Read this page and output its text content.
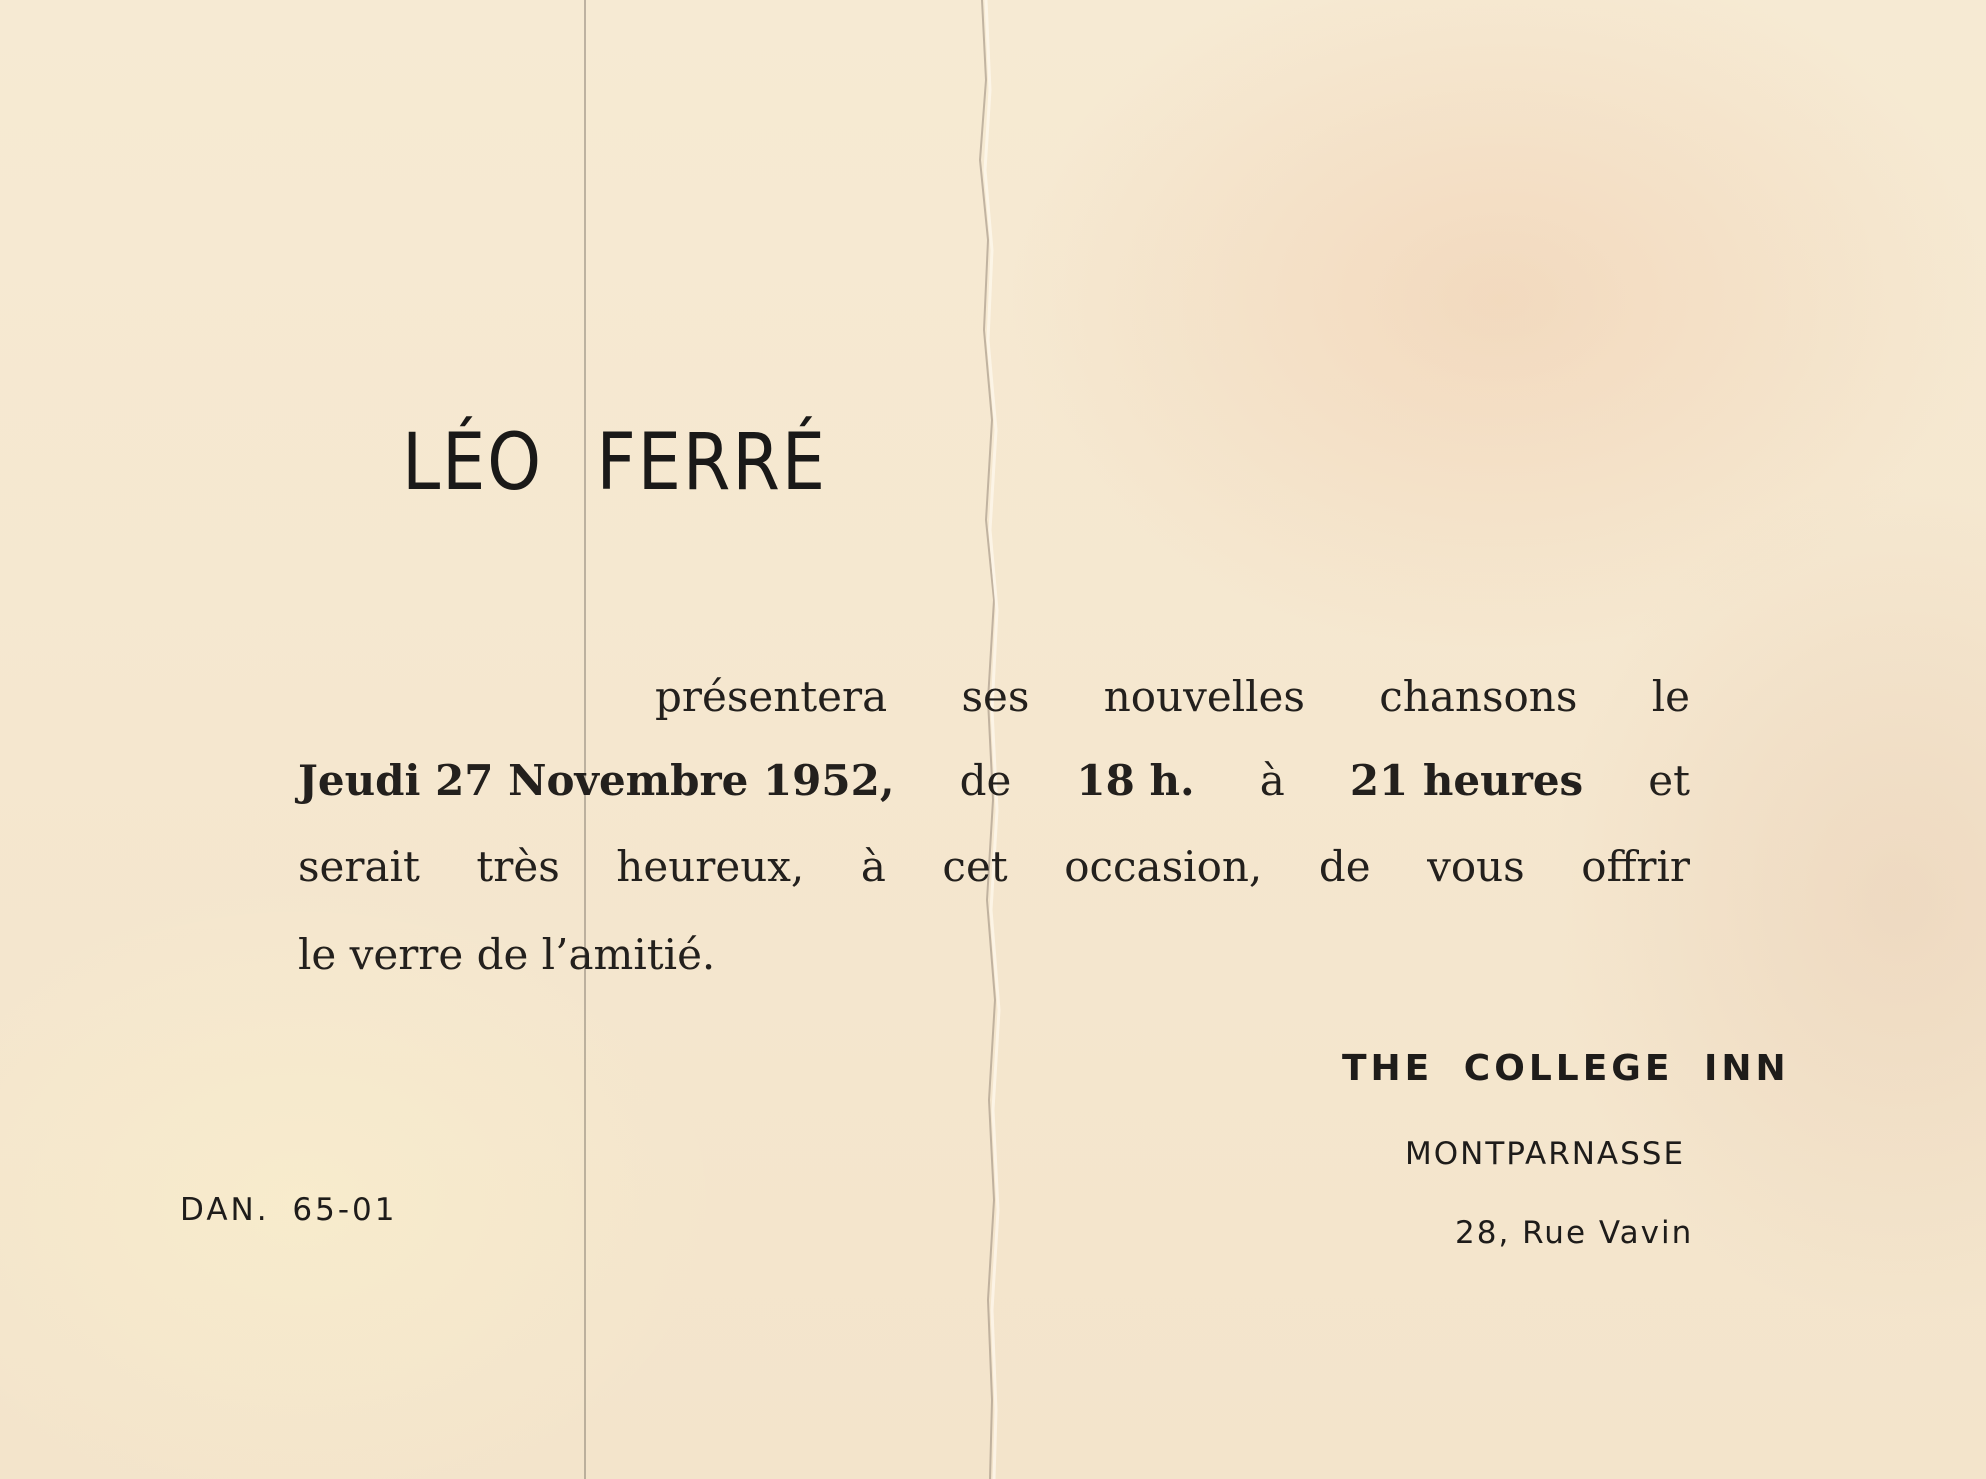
LÉO FERRÉ
présentera ses nouvelles chansons le
Jeudi 27 Novembre 1952, de 18 h. à 21 heures et
serait très heureux, à cet occasion, de vous offrir
le verre de l’amitié.
THE COLLEGE INN
MONTPARNASSE
28, Rue Vavin
DAN. 65-01
